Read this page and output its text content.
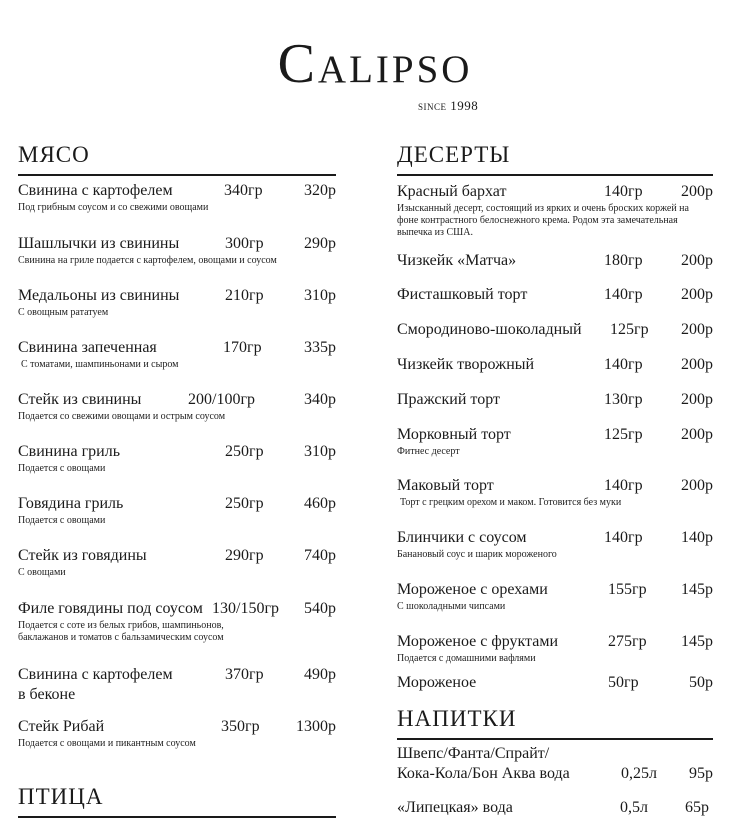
Calipso
since 1998
МЯСО
Свинина с картофелем	340гр	320р
Под грибным соусом и со свежими овощами
Шашлычки из свинины	300гр	290р
Свинина на гриле подается с картофелем, овощами и соусом
Медальоны из свинины	210гр	310р
С овощным рататуем
Свинина запеченная	170гр	335р
С томатами, шампиньонами и сыром
Стейк из свинины	200/100гр	340р
Подается со свежими овощами и острым соусом
Свинина гриль	250гр	310р
Подается с овощами
Говядина гриль	250гр	460р
Подается с овощами
Стейк из говядины	290гр	740р
С овощами
Филе говядины под соусом 130/150гр 540р
Подается с соте из белых грибов, шампиньонов, баклажанов и томатов с бальзамическим соусом
Свинина с картофелем	370гр	490р
в беконе
Стейк Рибай	350гр 1300р
Подается с овощами и пикантным соусом
ПТИЦА
ДЕСЕРТЫ
Красный бархат	140гр 200р
Изысканный десерт, состоящий из ярких и очень броских коржей на фоне контрастного белоснежного крема. Родом эта замечательная выпечка из США.
Чизкейк «Матча»	180гр 200р
Фисташковый торт	140гр 200р
Смородиново-шоколадный 125гр 200р
Чизкейк творожный	140гр 200р
Пражский торт	130гр 200р
Морковный торт	125гр 200р
Фитнес десерт
Маковый торт	140гр 200р
Торт с грецким орехом и маком. Готовится без муки
Блинчики с соусом	140гр 140р
Банановый соус и шарик мороженого
Мороженое с орехами	155гр 145р
С шоколадными чипсами
Мороженое с фруктами	275гр 145р
Подается с домашними вафлями
Мороженое	50гр	50р
НАПИТКИ
Швепс/Фанта/Спрайт/
Кока-Кола/Бон Аква вода	0,25л 95р
«Липецкая» вода	0,5л 65р
